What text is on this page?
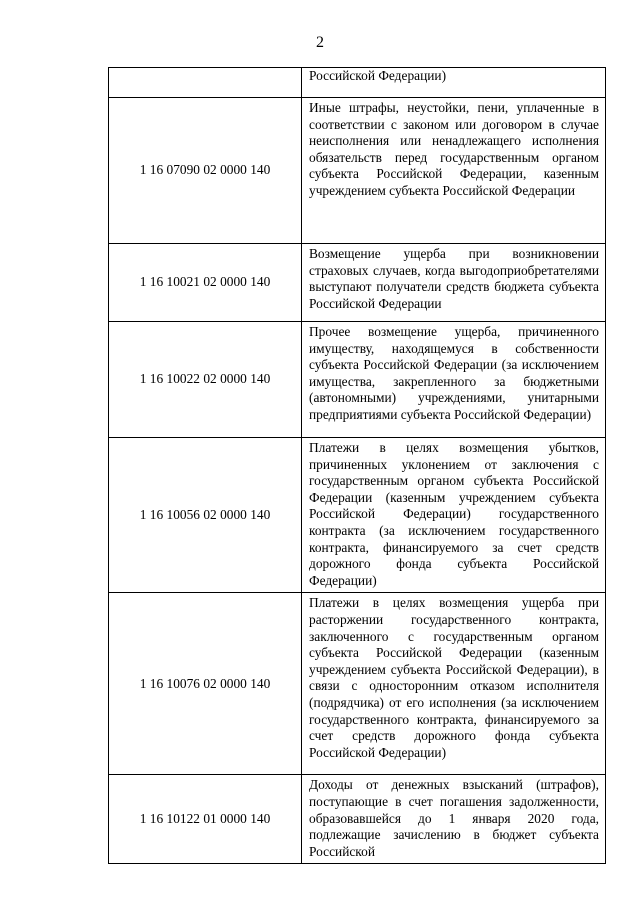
2

	Российской Федерации)

1 16 07090 02 0000 140	Иные штрафы, неустойки, пени, уплаченные в соответствии с законом или договором в случае неисполнения или ненадлежащего исполнения обязательств перед государственным органом субъекта Российской Федерации, казенным учреждением субъекта Российской Федерации

1 16 10021 02 0000 140	Возмещение ущерба при возникновении страховых случаев, когда выгодоприобретателями выступают получатели средств бюджета субъекта Российской Федерации

1 16 10022 02 0000 140	Прочее возмещение ущерба, причиненного имуществу, находящемуся в собственности субъекта Российской Федерации (за исключением имущества, закрепленного за бюджетными (автономными) учреждениями, унитарными предприятиями субъекта Российской Федерации)

1 16 10056 02 0000 140	Платежи в целях возмещения убытков, причиненных уклонением от заключения с государственным органом субъекта Российской Федерации (казенным учреждением субъекта Российской Федерации) государственного контракта (за исключением государственного контракта, финансируемого за счет средств дорожного фонда субъекта Российской Федерации)

1 16 10076 02 0000 140	Платежи в целях возмещения ущерба при расторжении государственного контракта, заключенного с государственным органом субъекта Российской Федерации (казенным учреждением субъекта Российской Федерации), в связи с односторонним отказом исполнителя (подрядчика) от его исполнения (за исключением государственного контракта, финансируемого за счет средств дорожного фонда субъекта Российской Федерации)

1 16 10122 01 0000 140	Доходы от денежных взысканий (штрафов), поступающие в счет погашения задолженности, образовавшейся до 1 января 2020 года, подлежащие зачислению в бюджет субъекта Российской
